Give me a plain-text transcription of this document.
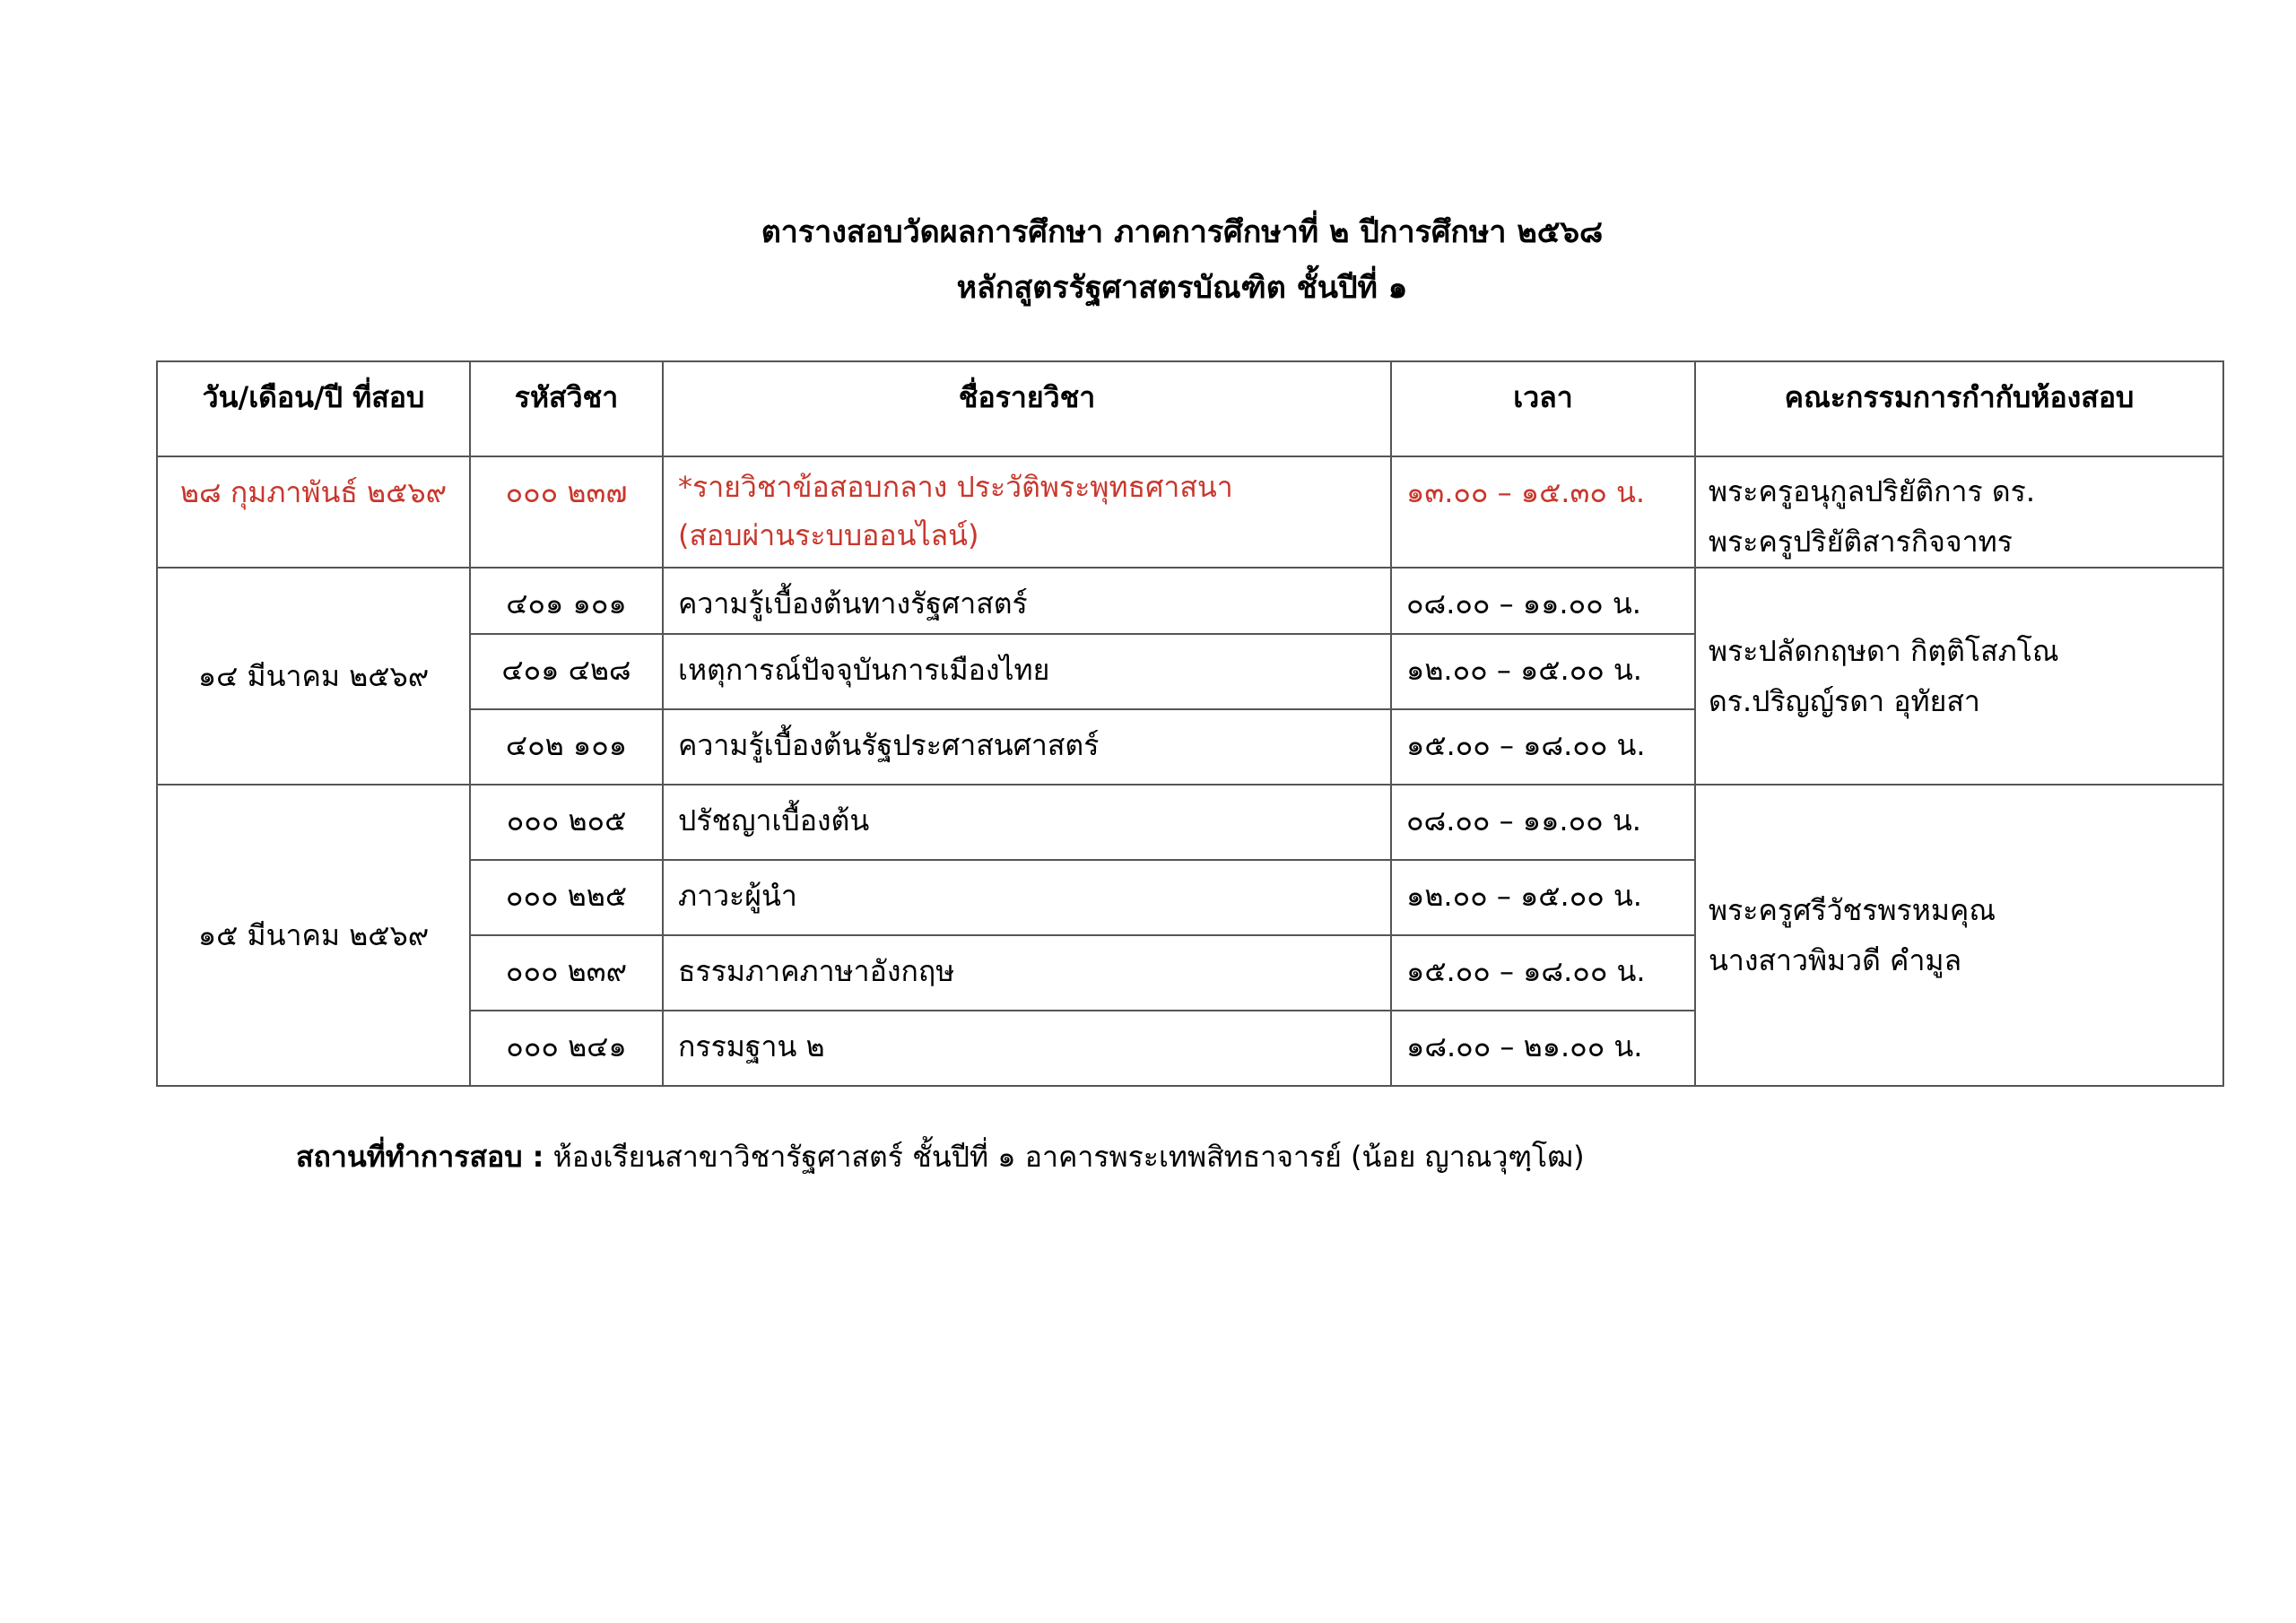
ตารางสอบวัดผลการศึกษา ภาคการศึกษาที่ ๒ ปีการศึกษา ๒๕๖๘
หลักสูตรรัฐศาสตรบัณฑิต ชั้นปีที่ ๑
วัน/เดือน/ปี ที่สอบ	รหัสวิชา	ชื่อรายวิชา	เวลา	คณะกรรมการกำกับห้องสอบ
๒๘ กุมภาพันธ์ ๒๕๖๙	๐๐๐ ๒๓๗	*รายวิชาข้อสอบกลาง ประวัติพระพุทธศาสนา
(สอบผ่านระบบออนไลน์)	๑๓.๐๐ – ๑๕.๓๐ น.	พระครูอนุกูลปริยัติการ ดร.
พระครูปริยัติสารกิจจาทร

๑๔ มีนาคม ๒๕๖๙	๔๐๑ ๑๐๑	ความรู้เบื้องต้นทางรัฐศาสตร์	๐๘.๐๐ – ๑๑.๐๐ น.	พระปลัดกฤษดา กิตฺติโสภโณ
ดร.ปริญญ์รดา อุทัยสา

	๔๐๑ ๔๒๘	เหตุการณ์ปัจจุบันการเมืองไทย	๑๒.๐๐ – ๑๕.๐๐ น.	
	๔๐๒ ๑๐๑	ความรู้เบื้องต้นรัฐประศาสนศาสตร์	๑๕.๐๐ – ๑๘.๐๐ น.	
๑๕ มีนาคม ๒๕๖๙	๐๐๐ ๒๐๕	ปรัชญาเบื้องต้น	๐๘.๐๐ – ๑๑.๐๐ น.	พระครูศรีวัชรพรหมคุณ
นางสาวพิมวดี คำมูล

	๐๐๐ ๒๒๕	ภาวะผู้นำ	๑๒.๐๐ – ๑๕.๐๐ น.	
	๐๐๐ ๒๓๙	ธรรมภาคภาษาอังกฤษ	๑๕.๐๐ – ๑๘.๐๐ น.	
	๐๐๐ ๒๔๑	กรรมฐาน ๒	๑๘.๐๐ – ๒๑.๐๐ น.	
สถานที่ทำการสอบ : ห้องเรียนสาขาวิชารัฐศาสตร์ ชั้นปีที่ ๑ อาคารพระเทพสิทธาจารย์ (น้อย ญาณวุฑฺโฒ)
